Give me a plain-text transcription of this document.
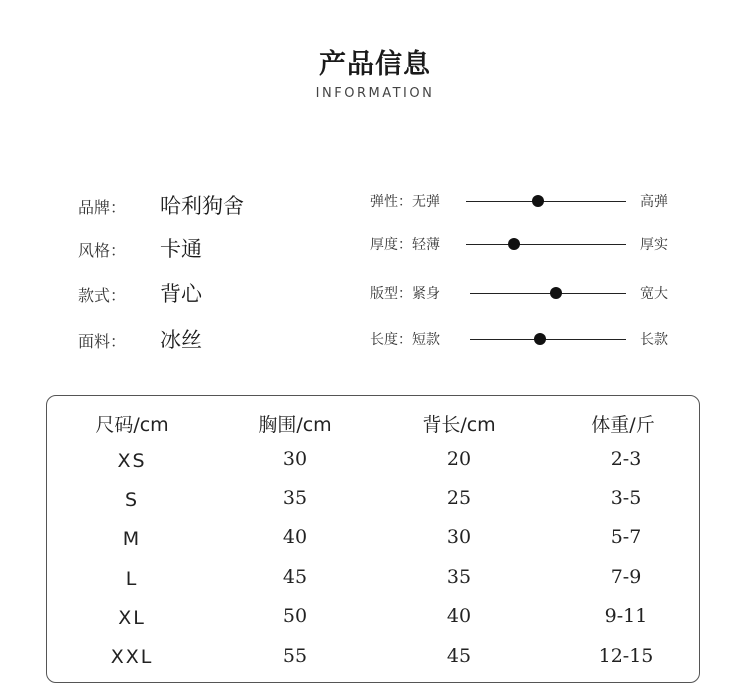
产品信息
INFORMATION
品牌： 哈利狗舍
风格： 卡通
款式： 背心
面料： 冰丝
弹性：无弹	高弹
厚度：轻薄	厚实
版型：紧身	宽大
长度：短款	长款
尺码/cm	胸围/cm	背长/cm	体重/斤
XS	30	20	2-3
S	35	25	3-5
M	40	30	5-7
L	45	35	7-9
XL	50	40	9-11
XXL	55	45	12-15
